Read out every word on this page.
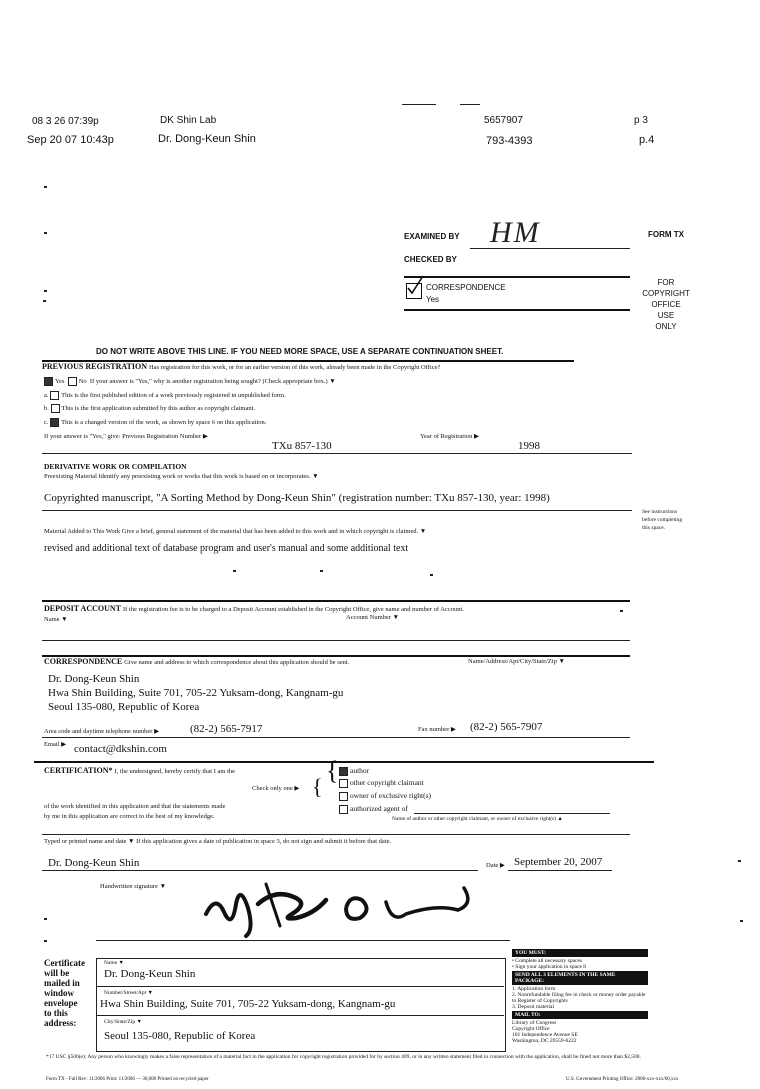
08 3 26 07:39p	DK Shin Lab	5657907	p 3
Sep 20 07 10:43p	Dr. Dong-Keun Shin	793-4393	p.4
EXAMINED BY HM	FORM TX
CHECKED BY
CORRESPONDENCE
Yes
FOR
COPYRIGHT
OFFICE
USE
ONLY
DO NOT WRITE ABOVE THIS LINE. IF YOU NEED MORE SPACE, USE A SEPARATE CONTINUATION SHEET.
PREVIOUS REGISTRATION Has registration for this work, or for an earlier version of this work, already been made in the Copyright Office?
Yes No If your answer is "Yes," why is another registration being sought? (Check appropriate box.) ▼
a. This is the first published edition of a work previously registered in unpublished form.
b. This is the first application submitted by this author as copyright claimant.
c. This is a changed version of the work, as shown by space 6 on this application.
If your answer is "Yes," give: Previous Registration Number ▶
TXu 857-130
Year of Registration ▶
1998
DERIVATIVE WORK OR COMPILATION
Preexisting Material Identify any preexisting work or works that this work is based on or incorporates. ▼
Copyrighted manuscript, "A Sorting Method by Dong-Keun Shin" (registration number: TXu 857-130, year: 1998)
See instructions
before completing
this space.
Material Added to This Work Give a brief, general statement of the material that has been added to this work and in which copyright is claimed. ▼
revised and additional text of database program and user's manual and some additional text
DEPOSIT ACCOUNT If the registration fee is to be charged to a Deposit Account established in the Copyright Office, give name and number of Account.
Name ▼	Account Number ▼
CORRESPONDENCE Give name and address to which correspondence about this application should be sent.	Name/Address/Apt/City/State/Zip ▼
Dr. Dong-Keun Shin
Hwa Shin Building, Suite 701, 705-22 Yuksam-dong, Kangnam-gu
Seoul 135-080, Republic of Korea
Area code and daytime telephone number ▶	(82-2) 565-7917	Fax number ▶ (82-2) 565-7907
Email ▶ contact@dkshin.com
CERTIFICATION* I, the undersigned, hereby certify that I am the	{
Check only one ▶ {
author
other copyright claimant
owner of exclusive right(s)
authorized agent of
of the work identified in this application and that the statements made
by me in this application are correct to the best of my knowledge.	Name of author or other copyright claimant, or owner of exclusive right(s) ▲
Typed or printed name and date ▼ If this application gives a date of publication in space 3, do not sign and submit it before that date.
Dr. Dong-Keun Shin	Date ▶ September 20, 2007
Handwritten signature ▼
Certificate
will be
mailed in
window
envelope
to this
address:
Name ▼
Dr. Dong-Keun Shin
Number/Street/Apt ▼
Hwa Shin Building, Suite 701, 705-22 Yuksam-dong, Kangnam-gu
City/State/Zip ▼
Seoul 135-080, Republic of Korea
YOU MUST:
• Complete all necessary spaces
• Sign your application in space 8
SEND ALL 3 ELEMENTS IN THE SAME PACKAGE:
1. Application form
2. Nonrefundable filing fee in check or money order payable to Register of Copyrights
3. Deposit material
MAIL TO:
Library of Congress
Copyright Office
101 Independence Avenue SE
Washington, DC 20559-6222
*17 USC §506(e): Any person who knowingly makes a false representation of a material fact in the application for copyright registration provided for by section 409, or in any written statement filed in connection with the application, shall be fined not more than $2,500.
Form TX - Full Rev: 11/2006 Print: 11/2006 — 30,000 Printed on recycled paper	U.S. Government Printing Office: 2006-xxx-xxx/60,xxx
